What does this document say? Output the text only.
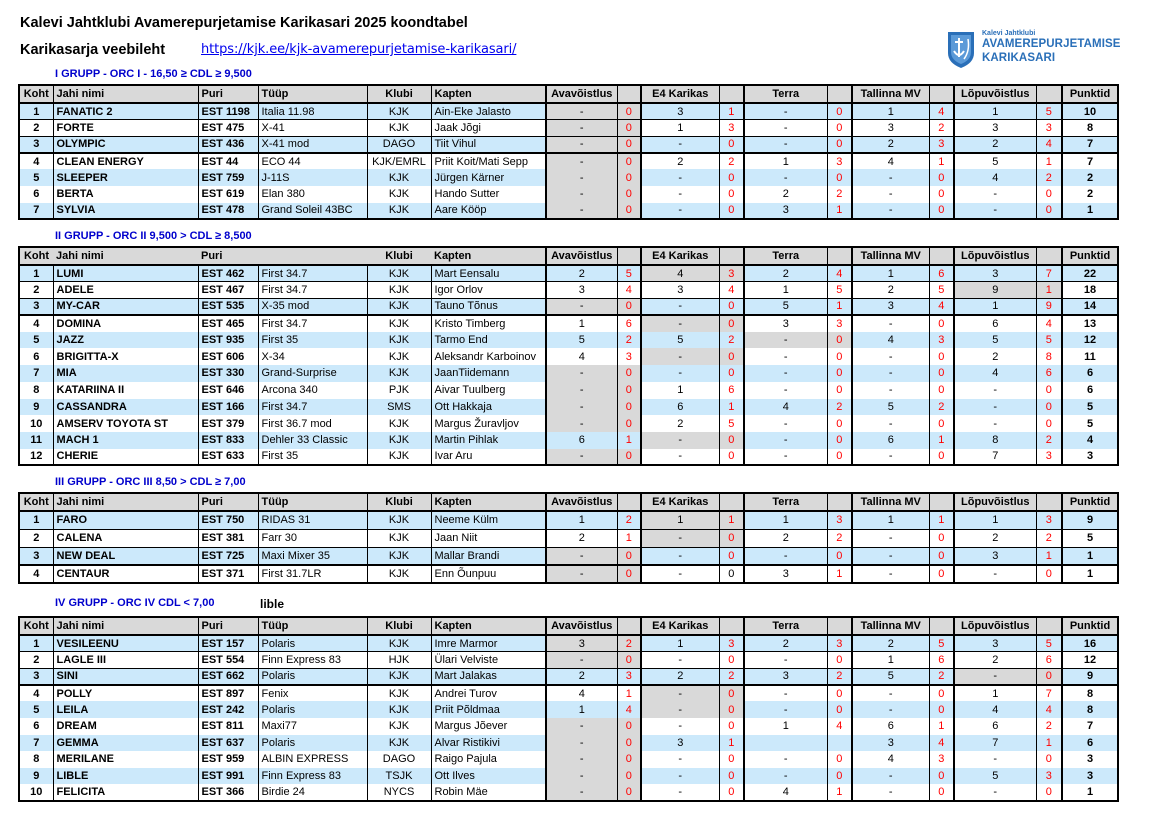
Kalevi Jahtklubi Avamerepurjetamise Karikasari 2025 koondtabel
Karikasarja veebileht	https://kjk.ee/kjk-avamerepurjetamise-karikasari/
Kalevi Jahtklubi
AVAMEREPURJETAMISE
KARIKASARI
I GRUPP - ORC I - 16,50 ≥ CDL ≥ 9,500
Koht	Jahi nimi	Puri	Tüüp	Klubi	Kapten	Avavõistlus		E4 Karikas		Terra		Tallinna MV		Lõpuvõistlus		Punktid
1	FANATIC 2	EST 1198	Italia 11.98	KJK	Ain-Eke Jalasto	-	0	3	1	-	0	1	4	1	5	10
2	FORTE	EST 475	X-41	KJK	Jaak Jõgi	-	0	1	3	-	0	3	2	3	3	8
3	OLYMPIC	EST 436	X-41 mod	DAGO	Tiit Vihul	-	0	-	0	-	0	2	3	2	4	7
4	CLEAN ENERGY	EST 44	ECO 44	KJK/EMRL	Priit Koit/Mati Sepp	-	0	2	2	1	3	4	1	5	1	7
5	SLEEPER	EST 759	J-11S	KJK	Jürgen Kärner	-	0	-	0	-	0	-	0	4	2	2
6	BERTA	EST 619	Elan 380	KJK	Hando Sutter	-	0	-	0	2	2	-	0	-	0	2
7	SYLVIA	EST 478	Grand Soleil 43BC	KJK	Aare Kööp	-	0	-	0	3	1	-	0	-	0	1
II GRUPP - ORC II 9,500 > CDL ≥ 8,500
Koht	Jahi nimi	Puri		Klubi	Kapten	Avavõistlus		E4 Karikas		Terra		Tallinna MV		Lõpuvõistlus		Punktid
1	LUMI	EST 462	First 34.7	KJK	Mart Eensalu	2	5	4	3	2	4	1	6	3	7	22
2	ADELE	EST 467	First 34.7	KJK	Igor Orlov	3	4	3	4	1	5	2	5	9	1	18
3	MY-CAR	EST 535	X-35 mod	KJK	Tauno Tõnus	-	0	-	0	5	1	3	4	1	9	14
4	DOMINA	EST 465	First 34.7	KJK	Kristo Timberg	1	6	-	0	3	3	-	0	6	4	13
5	JAZZ	EST 935	First 35	KJK	Tarmo End	5	2	5	2	-	0	4	3	5	5	12
6	BRIGITTA-X	EST 606	X-34	KJK	Aleksandr Karboinov	4	3	-	0	-	0	-	0	2	8	11
7	MIA	EST 330	Grand-Surprise	KJK	JaanTiidemann	-	0	-	0	-	0	-	0	4	6	6
8	KATARIINA II	EST 646	Arcona 340	PJK	Aivar Tuulberg	-	0	1	6	-	0	-	0	-	0	6
9	CASSANDRA	EST 166	First 34.7	SMS	Ott Hakkaja	-	0	6	1	4	2	5	2	-	0	5
10	AMSERV TOYOTA ST	EST 379	First 36.7 mod	KJK	Margus Žuravljov	-	0	2	5	-	0	-	0	-	0	5
11	MACH 1	EST 833	Dehler 33 Classic	KJK	Martin Pihlak	6	1	-	0	-	0	6	1	8	2	4
12	CHERIE	EST 633	First 35	KJK	Ivar Aru	-	0	-	0	-	0	-	0	7	3	3
III GRUPP - ORC III 8,50 > CDL ≥ 7,00
Koht	Jahi nimi	Puri	Tüüp	Klubi	Kapten	Avavõistlus		E4 Karikas		Terra		Tallinna MV		Lõpuvõistlus		Punktid
1	FARO	EST 750	RIDAS 31	KJK	Neeme Külm	1	2	1	1	1	3	1	1	1	3	9
2	CALENA	EST 381	Farr 30	KJK	Jaan Niit	2	1	-	0	2	2	-	0	2	2	5
3	NEW DEAL	EST 725	Maxi Mixer 35	KJK	Mallar Brandi	-	0	-	0	-	0	-	0	3	1	1
4	CENTAUR	EST 371	First 31.7LR	KJK	Enn Õunpuu	-	0	-	0	3	1	-	0	-	0	1
IV GRUPP - ORC IV CDL < 7,00	lible
Koht	Jahi nimi	Puri	Tüüp	Klubi	Kapten	Avavõistlus		E4 Karikas		Terra		Tallinna MV		Lõpuvõistlus		Punktid
1	VESILEENU	EST 157	Polaris	KJK	Imre Marmor	3	2	1	3	2	3	2	5	3	5	16
2	LAGLE III	EST 554	Finn Express 83	HJK	Ülari Velviste	-	0	-	0	-	0	1	6	2	6	12
3	SINI	EST 662	Polaris	KJK	Mart Jalakas	2	3	2	2	3	2	5	2	-	0	9
4	POLLY	EST 897	Fenix	KJK	Andrei Turov	4	1	-	0	-	0	-	0	1	7	8
5	LEILA	EST 242	Polaris	KJK	Priit Põldmaa	1	4	-	0	-	0	-	0	4	4	8
6	DREAM	EST 811	Maxi77	KJK	Margus Jõever	-	0	-	0	1	4	6	1	6	2	7
7	GEMMA	EST 637	Polaris	KJK	Alvar Ristikivi	-	0	3	1			3	4	7	1	6
8	MERILANE	EST 959	ALBIN EXPRESS	DAGO	Raigo Pajula	-	0	-	0	-	0	4	3	-	0	3
9	LIBLE	EST 991	Finn Express 83	TSJK	Ott Ilves	-	0	-	0	-	0	-	0	5	3	3
10	FELICITA	EST 366	Birdie 24	NYCS	Robin Mäe	-	0	-	0	4	1	-	0	-	0	1
